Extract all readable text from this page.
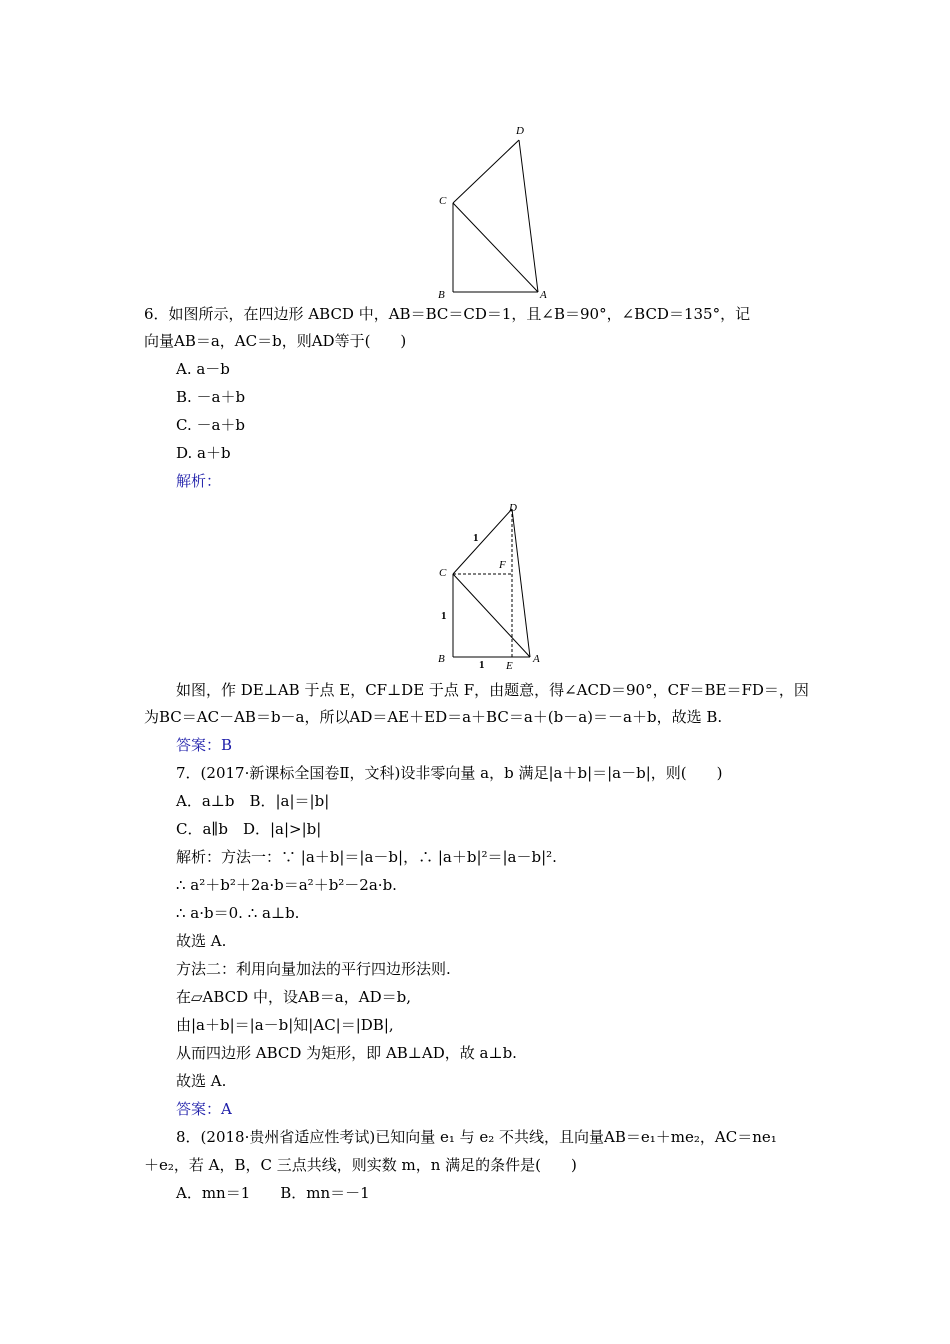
D
C
B	A
6．如图所示，在四边形 ABCD 中，AB＝BC＝CD＝1，且∠B＝90°，∠BCD＝135°，记
向量AB＝a，AC＝b，则AD等于(　　)
A. a－b
B. －a＋b
C. －a＋b
D. a＋b
解析：
D
C
F
B
E
A
1
1
1
如图，作 DE⊥AB 于点 E，CF⊥DE 于点 F，由题意，得∠ACD＝90°，CF＝BE＝FD＝，因
为BC＝AC－AB＝b－a，所以AD＝AE＋ED＝a＋BC＝a＋(b－a)＝－a＋b，故选 B.
答案：B
7．(2017·新课标全国卷Ⅱ，文科)设非零向量 a，b 满足|a＋b|＝|a－b|，则(　　)
A．a⊥b　B．|a|＝|b|
C．a∥b　D．|a|>|b|
解析：方法一：∵ |a＋b|＝|a－b|，∴ |a＋b|²＝|a－b|².
∴ a²＋b²＋2a·b＝a²＋b²－2a·b.
∴ a·b＝0. ∴ a⊥b.
故选 A.
方法二：利用向量加法的平行四边形法则.
在▱ABCD 中，设AB＝a，AD＝b,
由|a＋b|＝|a－b|知|AC|＝|DB|,
从而四边形 ABCD 为矩形，即 AB⊥AD，故 a⊥b.
故选 A.
答案：A
8．(2018·贵州省适应性考试)已知向量 e₁ 与 e₂ 不共线，且向量AB＝e₁＋me₂，AC＝ne₁
＋e₂，若 A，B，C 三点共线，则实数 m，n 满足的条件是(　　)
A．mn＝1　　B．mn＝－1
